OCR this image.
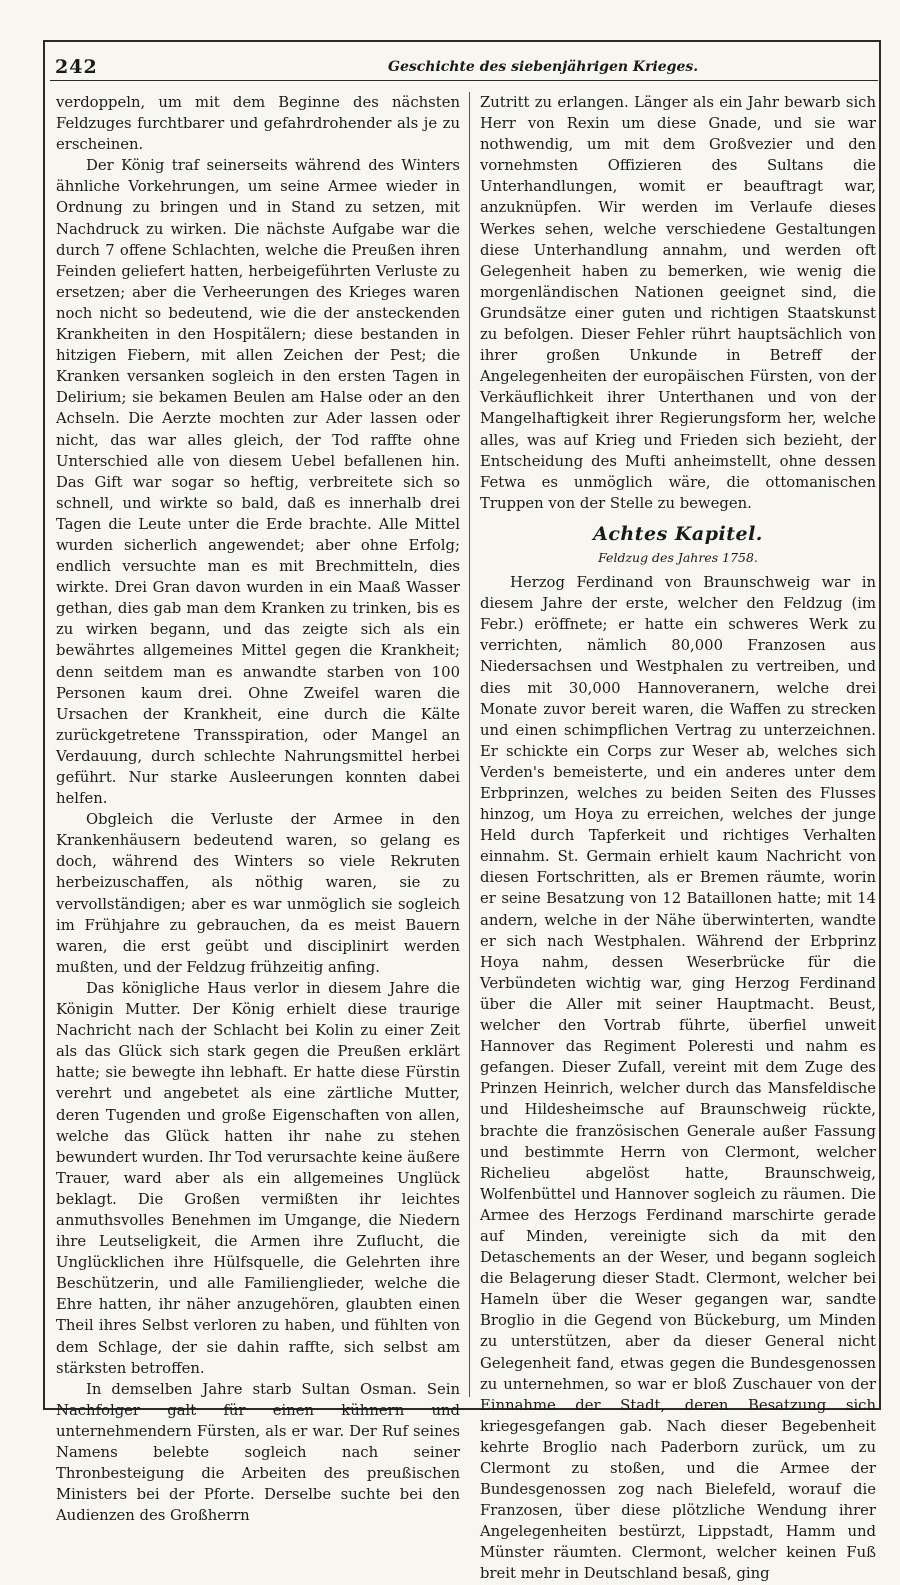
242	Geschichte des siebenjährigen Krieges.

verdoppeln, um mit dem Beginne des nächsten Feldzuges furchtbarer und gefahrdrohender als je zu erscheinen.

Der König traf seinerseits während des Winters ähnliche Vorkehrungen, um seine Armee wieder in Ordnung zu bringen und in Stand zu setzen, mit Nachdruck zu wirken. Die nächste Aufgabe war die durch 7 offene Schlachten, welche die Preußen ihren Feinden geliefert hatten, herbeigeführten Verluste zu ersetzen; aber die Verheerungen des Krieges waren noch nicht so bedeutend, wie die der ansteckenden Krankheiten in den Hospitälern; diese bestanden in hitzigen Fiebern, mit allen Zeichen der Pest; die Kranken versanken sogleich in den ersten Tagen in Delirium; sie bekamen Beulen am Halse oder an den Achseln. Die Aerzte mochten zur Ader lassen oder nicht, das war alles gleich, der Tod raffte ohne Unterschied alle von diesem Uebel befallenen hin. Das Gift war sogar so heftig, verbreitete sich so schnell, und wirkte so bald, daß es innerhalb drei Tagen die Leute unter die Erde brachte. Alle Mittel wurden sicherlich angewendet; aber ohne Erfolg; endlich versuchte man es mit Brechmitteln, dies wirkte. Drei Gran davon wurden in ein Maaß Wasser gethan, dies gab man dem Kranken zu trinken, bis es zu wirken begann, und das zeigte sich als ein bewährtes allgemeines Mittel gegen die Krankheit; denn seitdem man es anwandte starben von 100 Personen kaum drei. Ohne Zweifel waren die Ursachen der Krankheit, eine durch die Kälte zurückgetretene Transspiration, oder Mangel an Verdauung, durch schlechte Nahrungsmittel herbei geführt. Nur starke Ausleerungen konnten dabei helfen.

Obgleich die Verluste der Armee in den Krankenhäusern bedeutend waren, so gelang es doch, während des Winters so viele Rekruten herbeizuschaffen, als nöthig waren, sie zu vervollständigen; aber es war unmöglich sie sogleich im Frühjahre zu gebrauchen, da es meist Bauern waren, die erst geübt und disciplinirt werden mußten, und der Feldzug frühzeitig anfing.

Das königliche Haus verlor in diesem Jahre die Königin Mutter. Der König erhielt diese traurige Nachricht nach der Schlacht bei Kolin zu einer Zeit als das Glück sich stark gegen die Preußen erklärt hatte; sie bewegte ihn lebhaft. Er hatte diese Fürstin verehrt und angebetet als eine zärtliche Mutter, deren Tugenden und große Eigenschaften von allen, welche das Glück hatten ihr nahe zu stehen bewundert wurden. Ihr Tod verursachte keine äußere Trauer, ward aber als ein allgemeines Unglück beklagt. Die Großen vermißten ihr leichtes anmuthsvolles Benehmen im Umgange, die Niedern ihre Leutseligkeit, die Armen ihre Zuflucht, die Unglücklichen ihre Hülfsquelle, die Gelehrten ihre Beschützerin, und alle Familienglieder, welche die Ehre hatten, ihr näher anzugehören, glaubten einen Theil ihres Selbst verloren zu haben, und fühlten von dem Schlage, der sie dahin raffte, sich selbst am stärksten betroffen.

In demselben Jahre starb Sultan Osman. Sein Nachfolger galt für einen kühnern und unternehmendern Fürsten, als er war. Der Ruf seines Namens belebte sogleich nach seiner Thronbesteigung die Arbeiten des preußischen Ministers bei der Pforte. Derselbe suchte bei den Audienzen des Großherrn

Zutritt zu erlangen. Länger als ein Jahr bewarb sich Herr von Rexin um diese Gnade, und sie war nothwendig, um mit dem Großvezier und den vornehmsten Offizieren des Sultans die Unterhandlungen, womit er beauftragt war, anzuknüpfen. Wir werden im Verlaufe dieses Werkes sehen, welche verschiedene Gestaltungen diese Unterhandlung annahm, und werden oft Gelegenheit haben zu bemerken, wie wenig die morgenländischen Nationen geeignet sind, die Grundsätze einer guten und richtigen Staatskunst zu befolgen. Dieser Fehler rührt hauptsächlich von ihrer großen Unkunde in Betreff der Angelegenheiten der europäischen Fürsten, von der Verkäuflichkeit ihrer Unterthanen und von der Mangelhaftigkeit ihrer Regierungsform her, welche alles, was auf Krieg und Frieden sich bezieht, der Entscheidung des Mufti anheimstellt, ohne dessen Fetwa es unmöglich wäre, die ottomanischen Truppen von der Stelle zu bewegen.

Achtes Kapitel.
Feldzug des Jahres 1758.

Herzog Ferdinand von Braunschweig war in diesem Jahre der erste, welcher den Feldzug (im Febr.) eröffnete; er hatte ein schweres Werk zu verrichten, nämlich 80,000 Franzosen aus Niedersachsen und Westphalen zu vertreiben, und dies mit 30,000 Hannoveranern, welche drei Monate zuvor bereit waren, die Waffen zu strecken und einen schimpflichen Vertrag zu unterzeichnen. Er schickte ein Corps zur Weser ab, welches sich Verden's bemeisterte, und ein anderes unter dem Erbprinzen, welches zu beiden Seiten des Flusses hinzog, um Hoya zu erreichen, welches der junge Held durch Tapferkeit und richtiges Verhalten einnahm. St. Germain erhielt kaum Nachricht von diesen Fortschritten, als er Bremen räumte, worin er seine Besatzung von 12 Bataillonen hatte; mit 14 andern, welche in der Nähe überwinterten, wandte er sich nach Westphalen. Während der Erbprinz Hoya nahm, dessen Weserbrücke für die Verbündeten wichtig war, ging Herzog Ferdinand über die Aller mit seiner Hauptmacht. Beust, welcher den Vortrab führte, überfiel unweit Hannover das Regiment Poleresti und nahm es gefangen. Dieser Zufall, vereint mit dem Zuge des Prinzen Heinrich, welcher durch das Mansfeldische und Hildesheimsche auf Braunschweig rückte, brachte die französischen Generale außer Fassung und bestimmte Herrn von Clermont, welcher Richelieu abgelöst hatte, Braunschweig, Wolfenbüttel und Hannover sogleich zu räumen. Die Armee des Herzogs Ferdinand marschirte gerade auf Minden, vereinigte sich da mit den Detaschements an der Weser, und begann sogleich die Belagerung dieser Stadt. Clermont, welcher bei Hameln über die Weser gegangen war, sandte Broglio in die Gegend von Bückeburg, um Minden zu unterstützen, aber da dieser General nicht Gelegenheit fand, etwas gegen die Bundesgenossen zu unternehmen, so war er bloß Zuschauer von der Einnahme der Stadt, deren Besatzung sich kriegesgefangen gab. Nach dieser Begebenheit kehrte Broglio nach Paderborn zurück, um zu Clermont zu stoßen, und die Armee der Bundesgenossen zog nach Bielefeld, worauf die Franzosen, über diese plötzliche Wendung ihrer Angelegenheiten bestürzt, Lippstadt, Hamm und Münster räumten. Clermont, welcher keinen Fuß breit mehr in Deutschland besaß, ging
